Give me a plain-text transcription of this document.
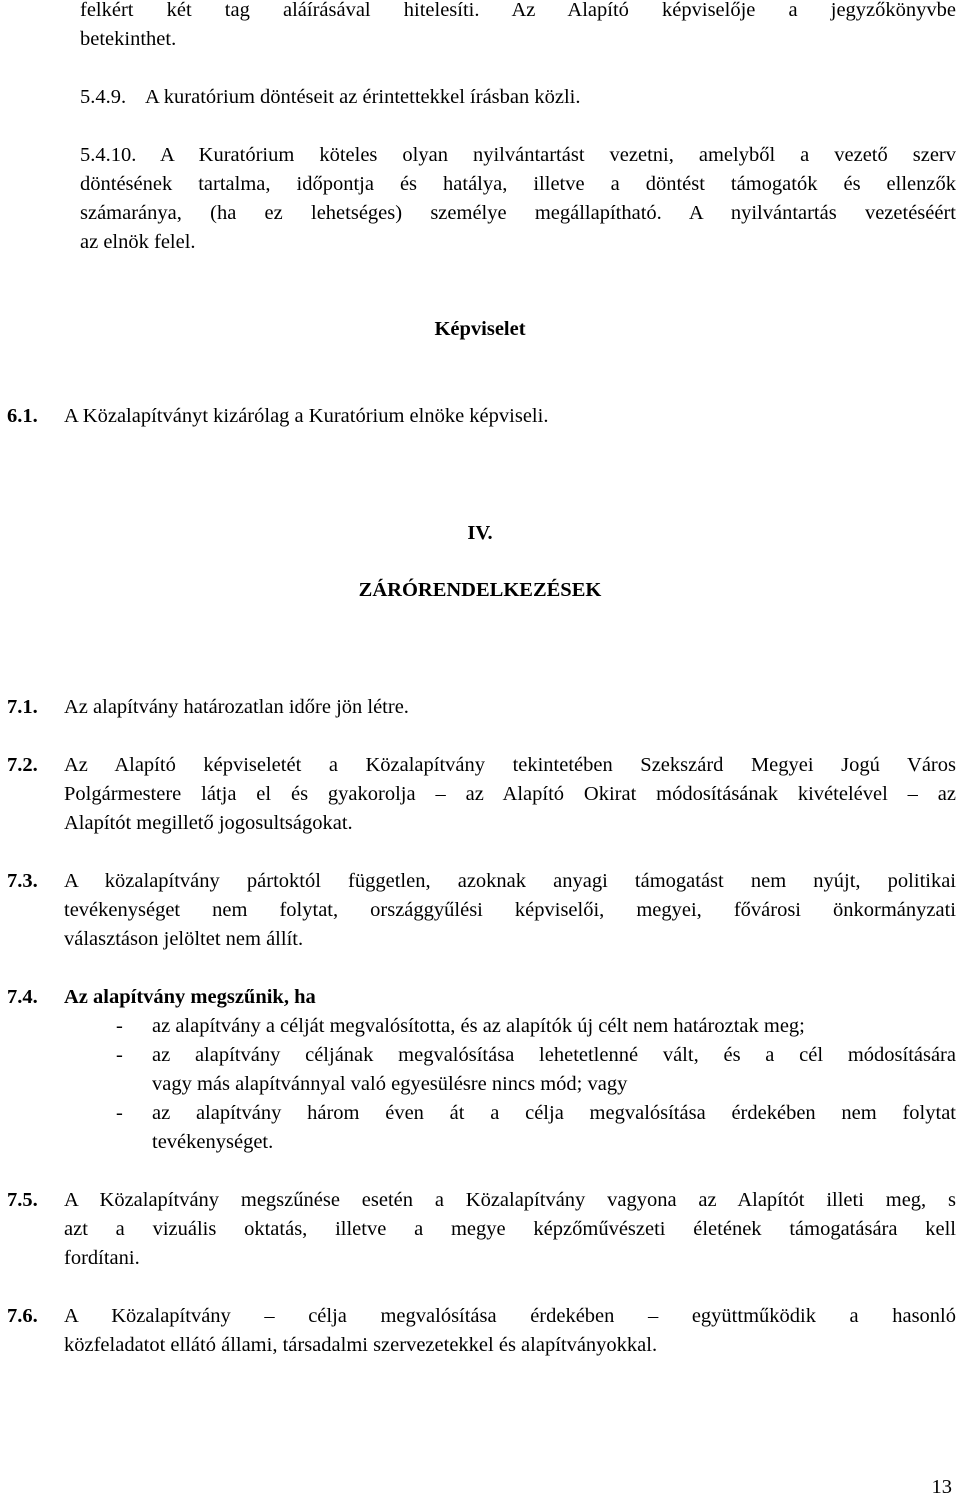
felkért két tag aláírásával hitelesíti. Az Alapító képviselője a jegyzőkönyvbe
betekinthet.
5.4.9. A kuratórium döntéseit az érintettekkel írásban közli.
5.4.10. A Kuratórium köteles olyan nyilvántartást vezetni, amelyből a vezető szerv
döntésének tartalma, időpontja és hatálya, illetve a döntést támogatók és ellenzők
számaránya, (ha ez lehetséges) személye megállapítható. A nyilvántartás vezetéséért
az elnök felel.
Képviselet
6.1. A Közalapítványt kizárólag a Kuratórium elnöke képviseli.
IV.
ZÁRÓRENDELKEZÉSEK
7.1. Az alapítvány határozatlan időre jön létre.
7.2. Az Alapító képviseletét a Közalapítvány tekintetében Szekszárd Megyei Jogú Város
Polgármestere látja el és gyakorolja – az Alapító Okirat módosításának kivételével – az
Alapítót megillető jogosultságokat.
7.3. A közalapítvány pártoktól független, azoknak anyagi támogatást nem nyújt, politikai
tevékenységet nem folytat, országgyűlési képviselői, megyei, fővárosi önkormányzati
választáson jelöltet nem állít.
7.4. Az alapítvány megszűnik, ha
- az alapítvány a célját megvalósította, és az alapítók új célt nem határoztak meg;
- az alapítvány céljának megvalósítása lehetetlenné vált, és a cél módosítására
vagy más alapítvánnyal való egyesülésre nincs mód; vagy
- az alapítvány három éven át a célja megvalósítása érdekében nem folytat
tevékenységet.
7.5. A Közalapítvány megszűnése esetén a Közalapítvány vagyona az Alapítót illeti meg, s
azt a vizuális oktatás, illetve a megye képzőművészeti életének támogatására kell
fordítani.
7.6. A Közalapítvány – célja megvalósítása érdekében – együttműködik a hasonló
közfeladatot ellátó állami, társadalmi szervezetekkel és alapítványokkal.
13
